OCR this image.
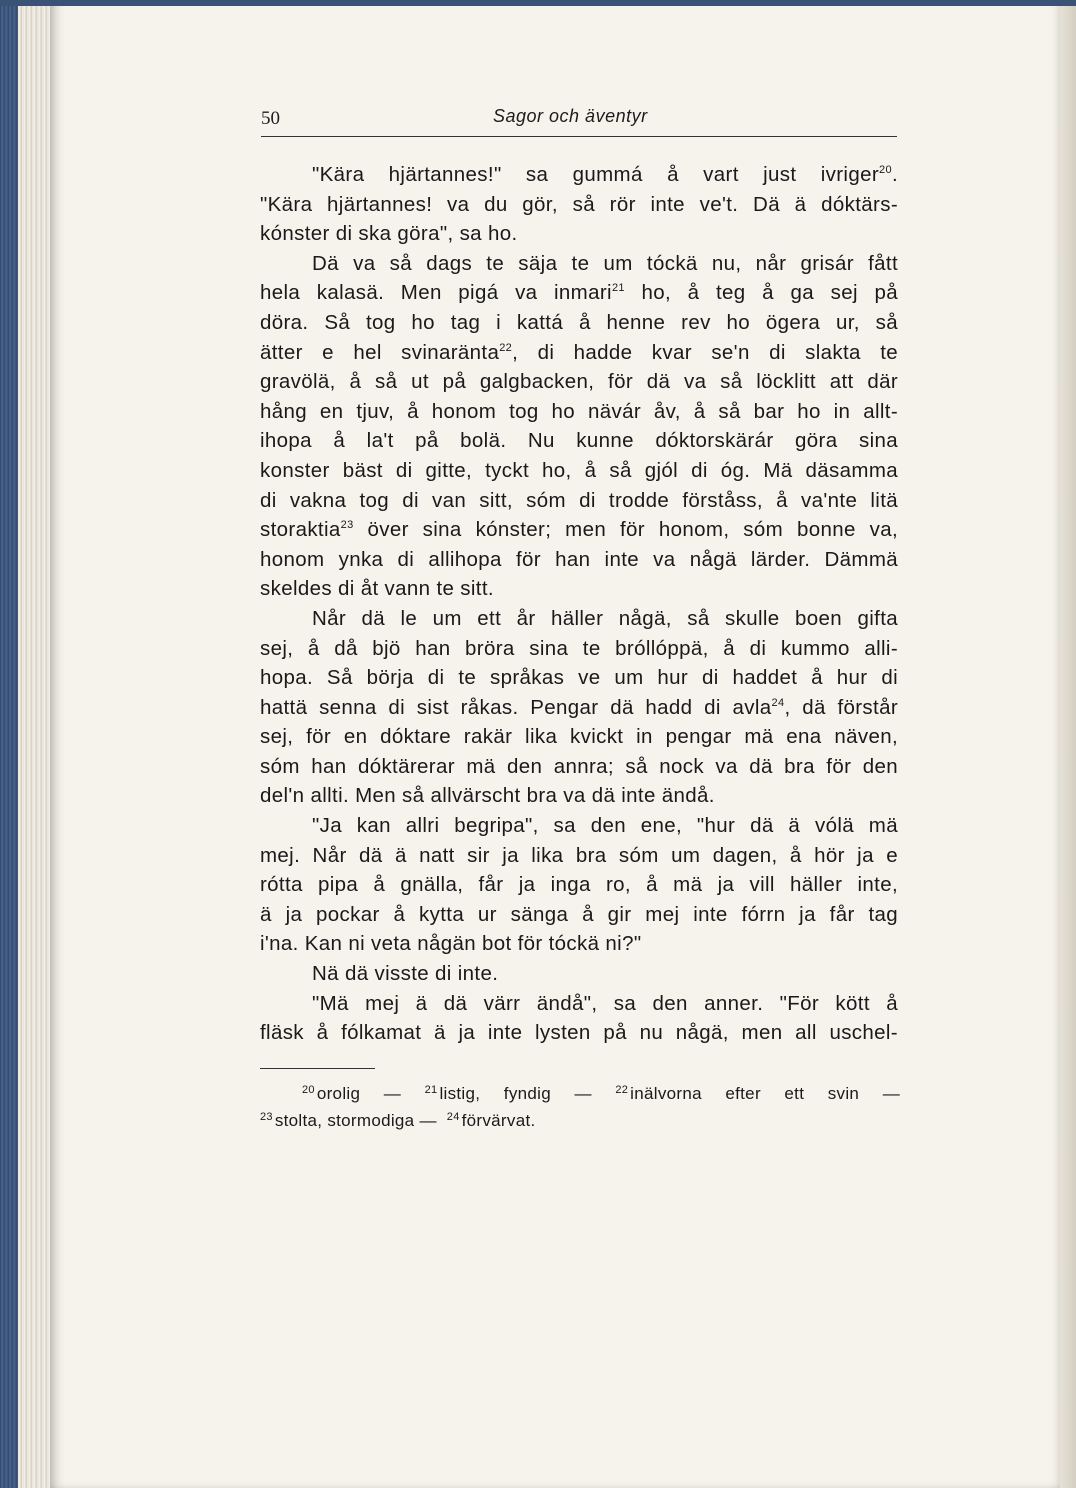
50	Sagor och äventyr
"Kära hjärtannes!" sa gummá å vart just ivriger$^{20}$.
"Kära hjärtannes! va du gör, så rör inte ve't. Dä ä dóktärs-
kónster di ska göra", sa ho.
Dä va så dags te säja te um tóckä nu, når grisár fått
hela kalasä. Men pigá va inmari$^{21}$ ho, å teg å ga sej på
döra. Så tog ho tag i kattá å henne rev ho ögera ur, så
ätter e hel svinaränta$^{22}$, di hadde kvar se'n di slakta te
gravölä, å så ut på galgbacken, för dä va så löcklitt att där
hång en tjuv, å honom tog ho nävár åv, å så bar ho in allt-
ihopa å la't på bolä. Nu kunne dóktorskärár göra sina
konster bäst di gitte, tyckt ho, å så gjól di óg. Mä däsamma
di vakna tog di van sitt, sóm di trodde förståss, å va'nte litä
storaktia$^{23}$ över sina kónster; men för honom, sóm bonne va,
honom ynka di allihopa för han inte va någä lärder. Dämmä
skeldes di åt vann te sitt.
Når dä le um ett år häller någä, så skulle boen gifta
sej, å då bjö han bröra sina te bróllóppä, å di kummo alli-
hopa. Så börja di te språkas ve um hur di haddet å hur di
hattä senna di sist råkas. Pengar dä hadd di avla$^{24}$, dä förstår
sej, för en dóktare rakär lika kvickt in pengar mä ena näven,
sóm han dóktärerar mä den annra; så nock va dä bra för den
del'n allti. Men så allvärscht bra va dä inte ändå.
"Ja kan allri begripa", sa den ene, "hur dä ä vólä mä
mej. Når dä ä natt sir ja lika bra sóm um dagen, å hör ja e
rótta pipa å gnälla, får ja inga ro, å mä ja vill häller inte,
ä ja pockar å kytta ur sänga å gir mej inte fórrn ja får tag
i'na. Kan ni veta någän bot för tóckä ni?"
Nä dä visste di inte.
"Mä mej ä dä värr ändå", sa den anner. "För kött å
fläsk å fólkamat ä ja inte lysten på nu någä, men all uschel-
$^{20}$ orolig — $^{21}$ listig, fyndig — $^{22}$ inälvorna efter ett svin —
$^{23}$ stolta, stormodiga — $^{24}$ förvärvat.
